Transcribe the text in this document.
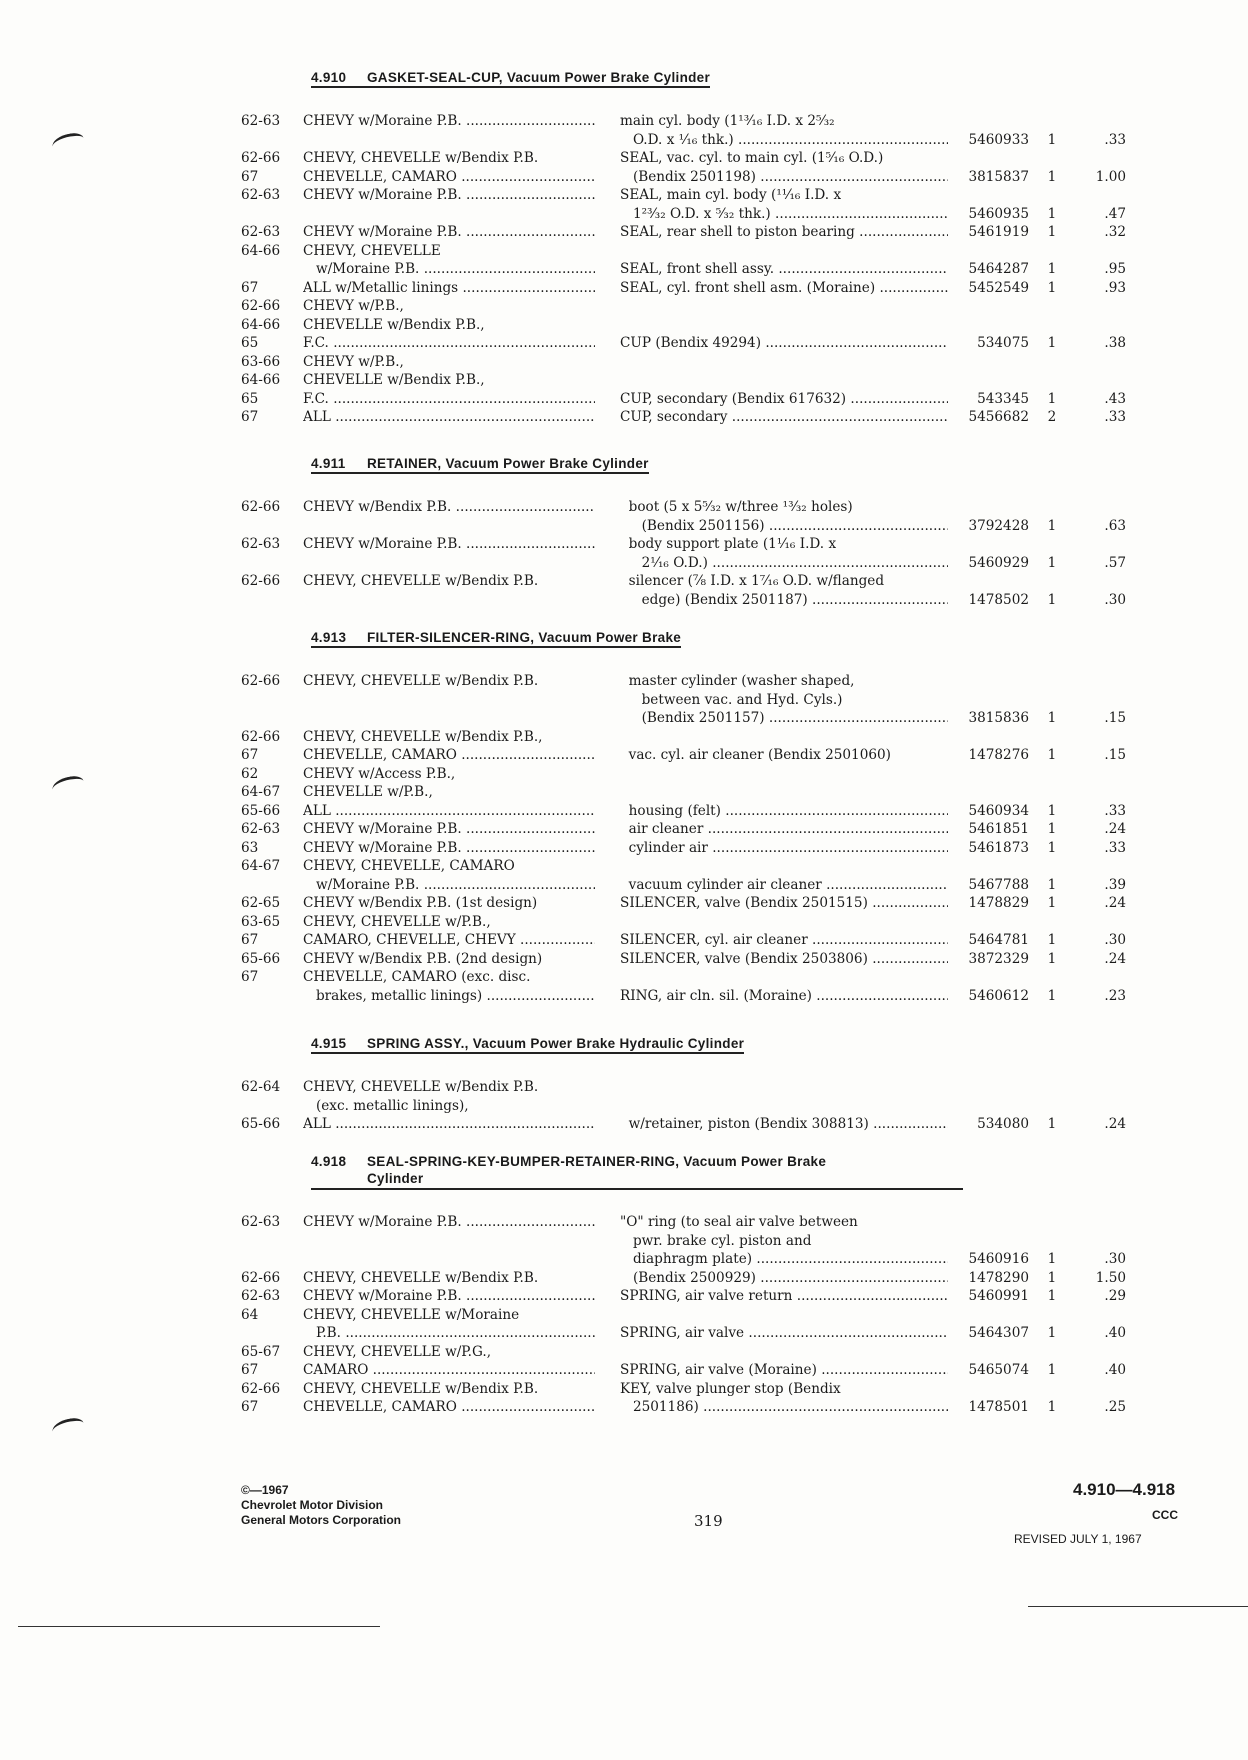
4.910 GASKET-SEAL-CUP, Vacuum Power Brake Cylinder
62-63 CHEVY w/Moraine P.B. .....	main cyl. body (1¹³⁄₁₆ I.D. x 2⁵⁄₃₂
O.D. x ¹⁄₁₆ thk.) .....	5460933 1	.33
62-66 CHEVY, CHEVELLE w/Bendix P.B.	SEAL, vac. cyl. to main cyl. (1⁵⁄₁₆ O.D.)
67	CHEVELLE, CAMARO .....	(Bendix 2501198) .....	3815837 1	1.00
62-63 CHEVY w/Moraine P.B. .....	SEAL, main cyl. body (¹¹⁄₁₆ I.D. x
1²³⁄₃₂ O.D. x ⁵⁄₃₂ thk.) .....	5460935 1	.47
62-63 CHEVY w/Moraine P.B. .....	SEAL, rear shell to piston bearing .....	5461919 1	.32
64-66 CHEVY, CHEVELLE
w/Moraine P.B. .....	SEAL, front shell assy. .....	5464287 1	.95
67	ALL w/Metallic linings .....	SEAL, cyl. front shell asm. (Moraine) .....	5452549 1	.93
62-66 CHEVY w/P.B.,
64-66 CHEVELLE w/Bendix P.B.,
65	F.C. .....	CUP (Bendix 49294) .....	534075 1	.38
63-66 CHEVY w/P.B.,
64-66 CHEVELLE w/Bendix P.B.,
65	F.C. .....	CUP, secondary (Bendix 617632) .....	543345 1	.43
67	ALL .....	CUP, secondary .....	5456682 2	.33
4.911 RETAINER, Vacuum Power Brake Cylinder
62-66 CHEVY w/Bendix P.B. .....	boot (5 x 5⁵⁄₃₂ w/three ¹³⁄₃₂ holes)
(Bendix 2501156) .....	3792428 1	.63
62-63 CHEVY w/Moraine P.B. .....	body support plate (1¹⁄₁₆ I.D. x
2¹⁄₁₆ O.D.) .....	5460929 1	.57
62-66 CHEVY, CHEVELLE w/Bendix P.B.	silencer (⅞ I.D. x 1⁷⁄₁₆ O.D. w/flanged
edge) (Bendix 2501187) .....	1478502 1	.30
4.913 FILTER-SILENCER-RING, Vacuum Power Brake
62-66 CHEVY, CHEVELLE w/Bendix P.B.	master cylinder (washer shaped,
between vac. and Hyd. Cyls.)
(Bendix 2501157) .....	3815836 1	.15
62-66 CHEVY, CHEVELLE w/Bendix P.B.,
67	CHEVELLE, CAMARO .....	vac. cyl. air cleaner (Bendix 2501060)	1478276 1	.15
62	CHEVY w/Access P.B.,
64-67 CHEVELLE w/P.B.,
65-66 ALL .....	housing (felt) .....	5460934 1	.33
62-63 CHEVY w/Moraine P.B. .....	air cleaner .....	5461851 1	.24
63	CHEVY w/Moraine P.B. .....	cylinder air .....	5461873 1	.33
64-67 CHEVY, CHEVELLE, CAMARO
w/Moraine P.B. .....	vacuum cylinder air cleaner .....	5467788 1	.39
62-65 CHEVY w/Bendix P.B. (1st design)	SILENCER, valve (Bendix 2501515) .....	1478829 1	.24
63-65 CHEVY, CHEVELLE w/P.B.,
67	CAMARO, CHEVELLE, CHEVY .....	SILENCER, cyl. air cleaner .....	5464781 1	.30
65-66 CHEVY w/Bendix P.B. (2nd design)	SILENCER, valve (Bendix 2503806) .....	3872329 1	.24
67	CHEVELLE, CAMARO (exc. disc.
brakes, metallic linings) .....	RING, air cln. sil. (Moraine) .....	5460612 1	.23
4.915 SPRING ASSY., Vacuum Power Brake Hydraulic Cylinder
62-64 CHEVY, CHEVELLE w/Bendix P.B.
(exc. metallic linings),
65-66 ALL .....	w/retainer, piston (Bendix 308813) .....	534080 1	.24
4.918 SEAL-SPRING-KEY-BUMPER-RETAINER-RING, Vacuum Power Brake
Cylinder
62-63 CHEVY w/Moraine P.B. .....	"O" ring (to seal air valve between
pwr. brake cyl. piston and
diaphragm plate) .....	5460916 1	.30
62-66 CHEVY, CHEVELLE w/Bendix P.B.	(Bendix 2500929) .....	1478290 1	1.50
62-63 CHEVY w/Moraine P.B. .....	SPRING, air valve return .....	5460991 1	.29
64	CHEVY, CHEVELLE w/Moraine
P.B. .....	SPRING, air valve .....	5464307 1	.40
65-67 CHEVY, CHEVELLE w/P.G.,
67	CAMARO .....	SPRING, air valve (Moraine) .....	5465074 1	.40
62-66 CHEVY, CHEVELLE w/Bendix P.B.	KEY, valve plunger stop (Bendix
67	CHEVELLE, CAMARO .....	2501186) .....	1478501 1	.25
©—1967
Chevrolet Motor Division
General Motors Corporation	319
4.910—4.918
CCC
REVISED JULY 1, 1967
